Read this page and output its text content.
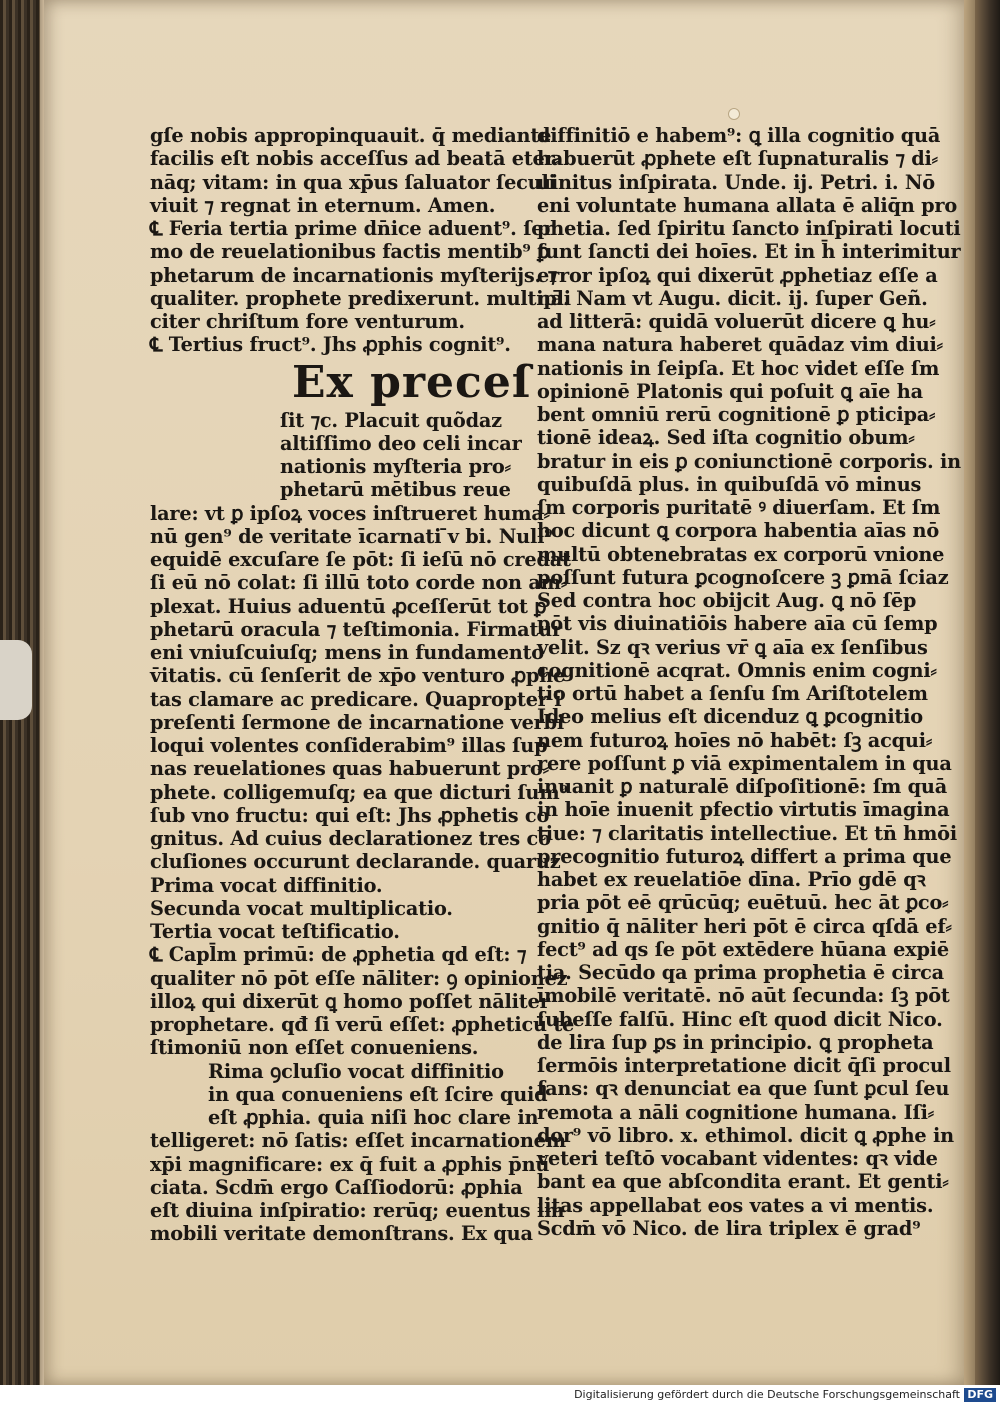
gſe nobis appropinquauit. q̄ mediante
facilis eſt nobis acceſſus ad beatā eter⸗
nāq; vitam: in qua xp̄us ſaluator ſeculi
viuit ⁊ regnat in eternum. Amen.
℄ Feria tertia prime dn̄ice aduent⁹. ſer
mo de reuelationibus factis mentib⁹ ꝑ
phetarum de incarnationis myſterijs. ⁊
qualiter. prophete predixerunt. multipli
citer chriſtum fore venturum.
℄ Tertius fruct⁹. Jhs ꝓphis cognit⁹.
Ex preceſ
ſit ⁊c. Placuit quõdaz
altiſſimo deo celi incar
nationis myſteria pro⸗
phetarū mētibus reue
lare: vt ꝑ ipſoꝝ voces inſtrueret huma⸗
nū gen⁹ de veritate īcarnati ̄v bi. Null⁹
equidē excuſare ſe pōt: ſi ieſū nō credat
ſi eū nō colat: ſi illū toto corde non am⸗
plexat. Huius aduentū ꝓceſſerūt tot ꝑ
phetarū oracula ⁊ teſtimonia. Firmatur
eni vniuſcuiuſq; mens in fundamento
v̄itatis. cū ſenſerit de xp̄o venturo ꝓphe
tas clamare ac predicare. Quapropter ī
preſenti ſermone de incarnatione verbi
loqui volentes conſiderabim⁹ illas ſup
nas reuelationes quas habuerunt pro⸗
phete. colligemuſq; ea que dicturi ſum⁹
ſub vno fructu: qui eſt: Jhs ꝓphetis co
gnitus. Ad cuius declarationez tres cō
cluſiones occurunt declarande. quaruz
Prima vocat diffinitio.
Secunda vocat multiplicatio.
Tertia vocat teſtificatio.
℄ Capl̄m primū: de ꝓphetia qd eſt: ⁊
qualiter nō pōt eſſe nāliter: ꝯ opinionez
illoꝝ qui dixerūt ꝗ homo poſſet nāliter
prophetare. qđ ſi verū eſſet: ꝓpheticū te
ſtimoniū non eſſet conueniens.
Rima ꝯcluſio vocat diffinitio
in qua conueniens eſt ſcire quid
eſt ꝓphia. quia niſi hoc clare in
telligeret: nō ſatis: eſſet incarnationem
xp̄i magnificare: ex q̄ fuit a ꝓphis p̄nū
ciata. Scdm̄ ergo Caſſiodorū: ꝓphia
eſt diuina inſpiratio: rerūq; euentus im
mobili veritate demonſtrans. Ex qua
diffinitiō e habem⁹: ꝗ illa cognitio quā
habuerūt ꝓphete eſt ſupnaturalis ⁊ di⸗
uinitus inſpirata. Unde. ij. Petri. i. Nō
eni voluntate humana allata ē aliq̄n pro
phetia. ſed ſpiritu ſancto inſpirati locuti
ſunt ſancti dei hoīes. Et in h̄ interimitur
error ipſoꝝ qui dixerūt ꝓphetiaz eſſe a
nā. Nam vt Augu. dicit. ij. ſuper Geñ.
ad litterā: quidā voluerūt dicere ꝗ hu⸗
mana natura haberet quādaz vim diui⸗
nationis in ſeipſa. Et hoc videt eſſe ſm
opinionē Platonis qui poſuit ꝗ aīe ha
bent omniū rerū cognitionē ꝑ pticipa⸗
tionē ideaꝝ. Sed iſta cognitio obum⸗
bratur in eis ꝑ coniunctionē corporis. in
quibuſdā plus. in quibuſdā vō minus
ſm corporis puritatē ꝰ diuerſam. Et ſm
hoc dicunt ꝗ corpora habentia aīas nō
multū obtenebratas ex corporū vnione
poſſunt futura ꝑcognoſcere ꝫ ꝑmā ſciaz
Sed contra hoc obijcit Aug. ꝗ nō ſēp
pōt vis diuinatiōis habere aīa cū ſemp
velit. Sz qꝛ verius vr̄ ꝗ aīa ex ſenſibus
cognitionē acqrat. Omnis enim cogni⸗
tio ortū habet a ſenſu ſm Ariſtotelem
Ideo melius eſt dicenduz ꝗ ꝑcognitio
nem futuroꝝ hoīes nō habēt: ſꝫ acqui⸗
rere poſſunt ꝑ viā expimentalem in qua
inuanit ꝑ naturalē diſpoſitionē: ſm quā
in hoīe inuenit pfectio virtutis īmagina
tiue: ⁊ claritatis intellectiue. Et tn̄ hmōi
precognitio futuroꝝ differt a prima que
habet ex reuelatiōe dīna. Prīo gdē qꝛ
pria pōt eē qrūcūq; euētuū. hec āt ꝑco⸗
gnitio q̄ nāliter heri pōt ē circa qſdā ef⸗
fect⁹ ad qs ſe pōt extēdere hūana expiē
tia. Secūdo qa prima prophetia ē circa
īmobilē veritatē. nō aūt ſecunda: ſꝫ pōt
ſubeſſe falſū. Hinc eſt quod dicit Nico.
de lira ſup ꝑs in principio. ꝗ propheta
ſermōis interpretatione dicit q̄ſi procul
fans: qꝛ denunciat ea que ſunt ꝑcul ſeu
remota a nāli cognitione humana. Iſi⸗
dor⁹ vō libro. x. ethimol. dicit ꝗ ꝓphe in
veteri teſtō vocabant videntes: qꝛ vide
bant ea que abſcondita erant. Et genti⸗
litas appellabat eos vates a vi mentis.
Scdm̄ vō Nico. de lira triplex ē grad⁹
Digitalisierung gefördert durch die Deutsche Forschungsgemeinschaft DFG
